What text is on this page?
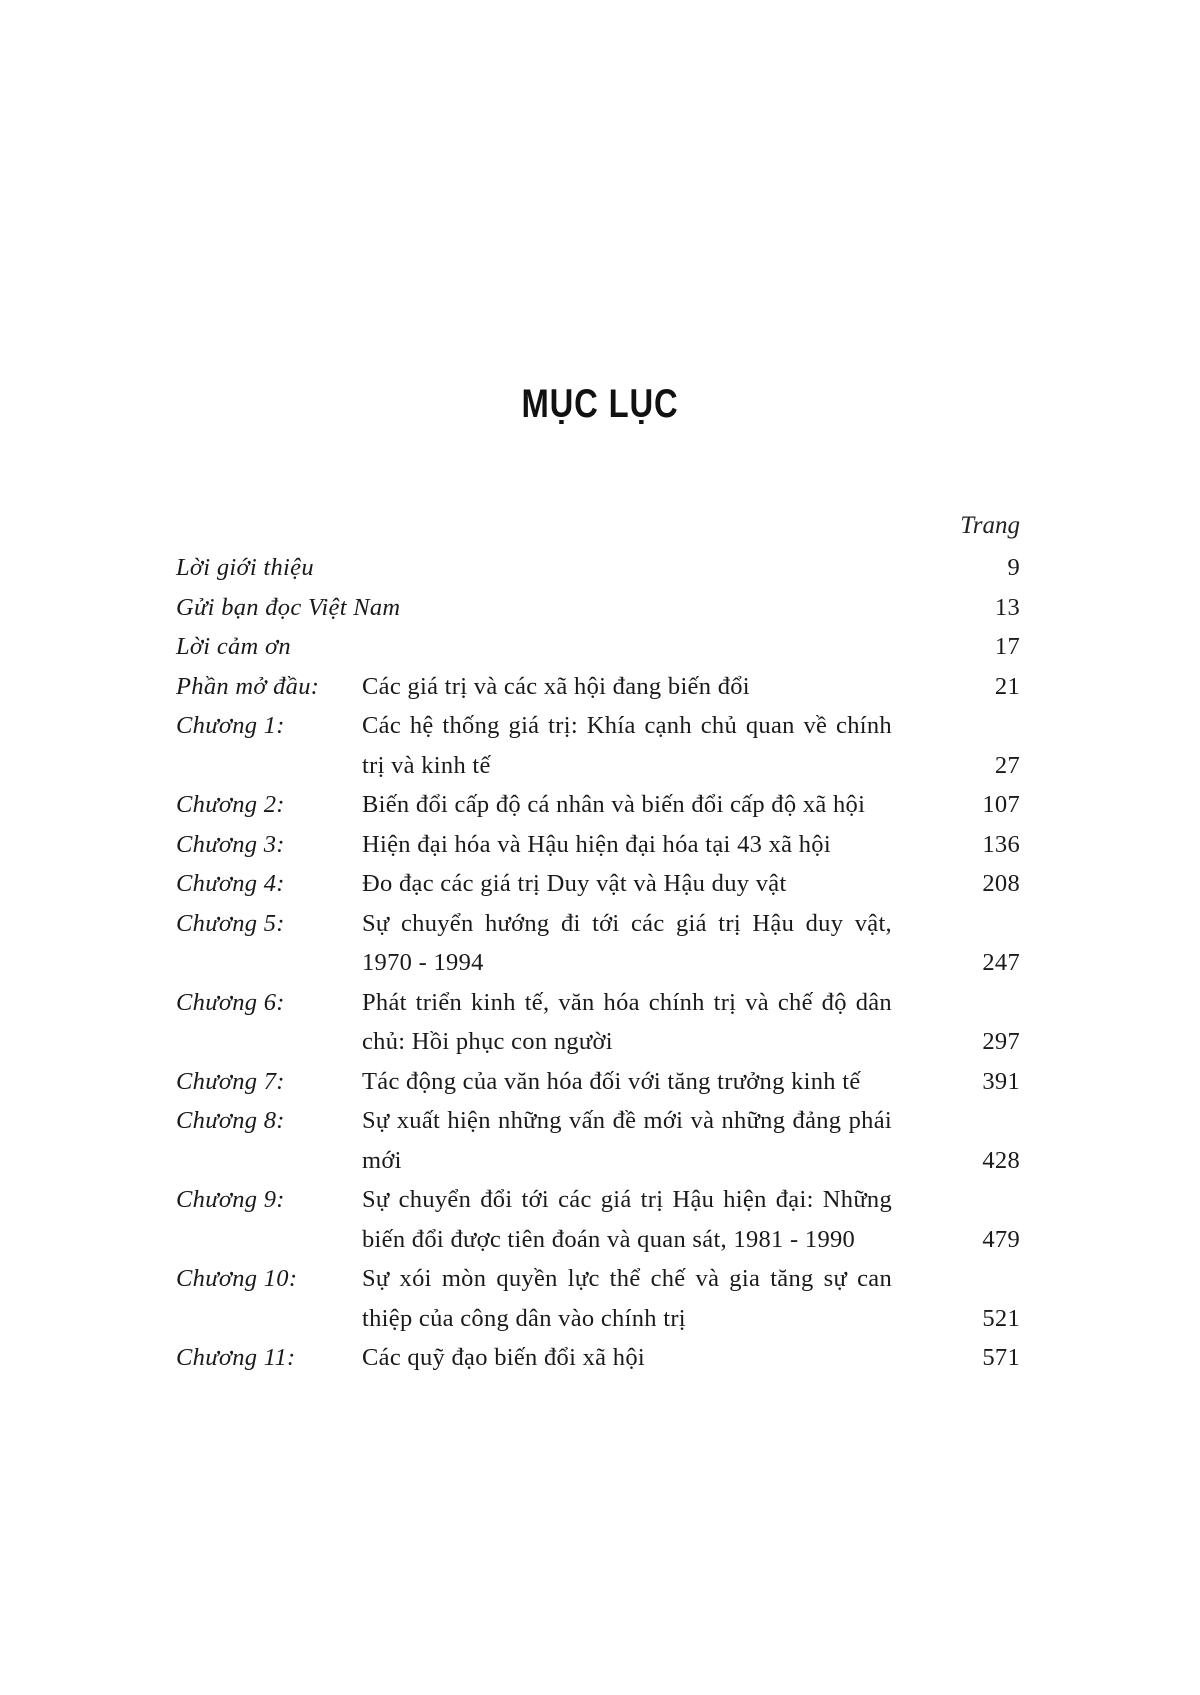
MỤC LỤC
Trang
Lời giới thiệu	9
Gửi bạn đọc Việt Nam	13
Lời cảm ơn	17
Phần mở đầu: Các giá trị và các xã hội đang biến đổi	21
Chương 1:	Các hệ thống giá trị: Khía cạnh chủ quan về chính trị và kinh tế	27
Chương 2:	Biến đổi cấp độ cá nhân và biến đổi cấp độ xã hội	107
Chương 3:	Hiện đại hóa và Hậu hiện đại hóa tại 43 xã hội	136
Chương 4:	Đo đạc các giá trị Duy vật và Hậu duy vật	208
Chương 5:	Sự chuyển hướng đi tới các giá trị Hậu duy vật, 1970 - 1994	247
Chương 6:	Phát triển kinh tế, văn hóa chính trị và chế độ dân chủ: Hồi phục con người	297
Chương 7:	Tác động của văn hóa đối với tăng trưởng kinh tế	391
Chương 8:	Sự xuất hiện những vấn đề mới và những đảng phái mới	428
Chương 9:	Sự chuyển đổi tới các giá trị Hậu hiện đại: Những biến đổi được tiên đoán và quan sát, 1981 - 1990	479
Chương 10:	Sự xói mòn quyền lực thể chế và gia tăng sự can thiệp của công dân vào chính trị	521
Chương 11:	Các quỹ đạo biến đổi xã hội	571
